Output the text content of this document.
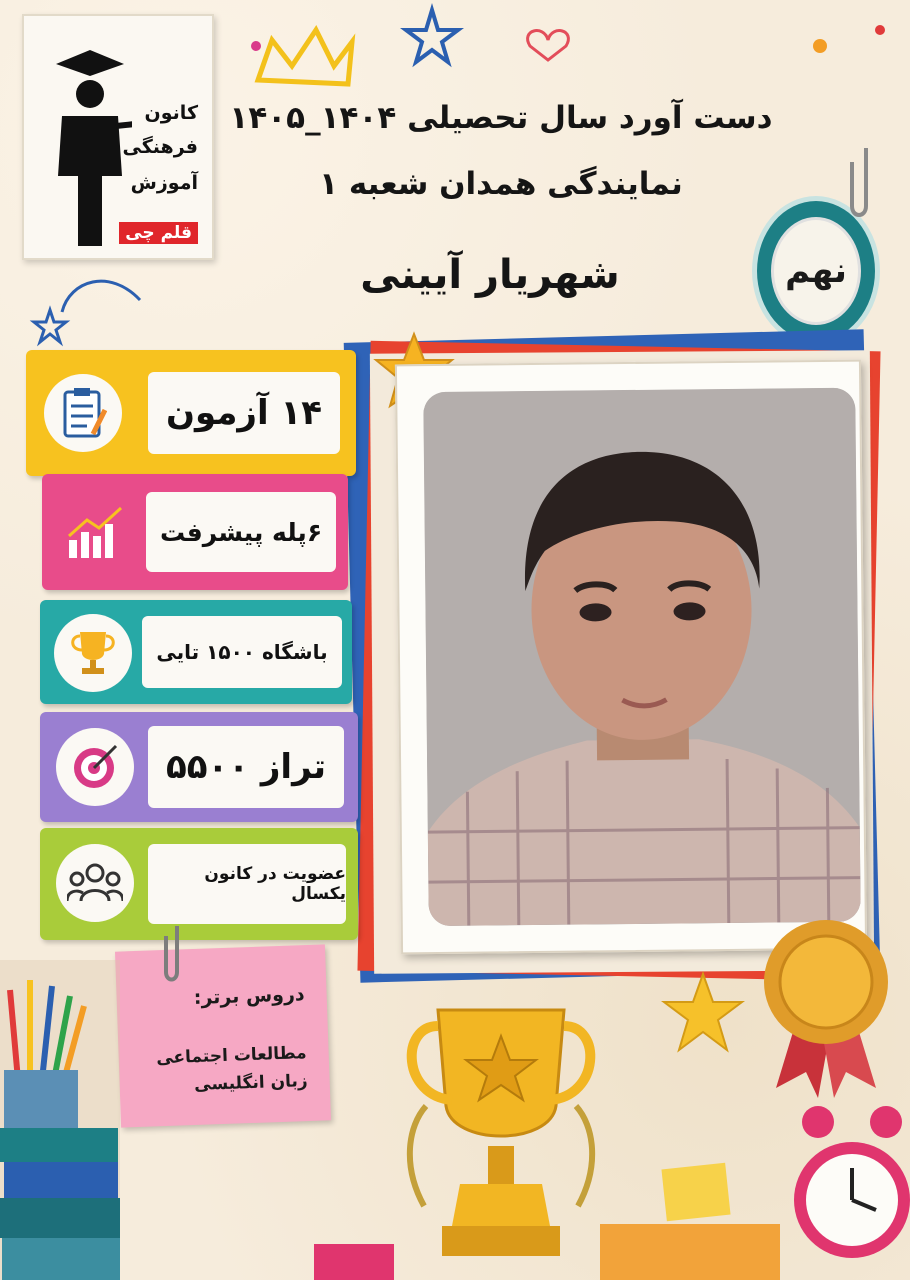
کانون
فرهنگی
آموزش
قلم چی
دست آورد سال تحصیلی ۱۴۰۴_۱۴۰۵
نمایندگی همدان شعبه ۱
شهریار آیینی	نهم
۱۴ آزمون
۶پله پیشرفت
باشگاه ۱۵۰۰ تایی
تراز ۵۵۰۰
عضویت در کانون یکسال
دروس برتر:
مطالعات اجتماعی
زبان انگلیسی
